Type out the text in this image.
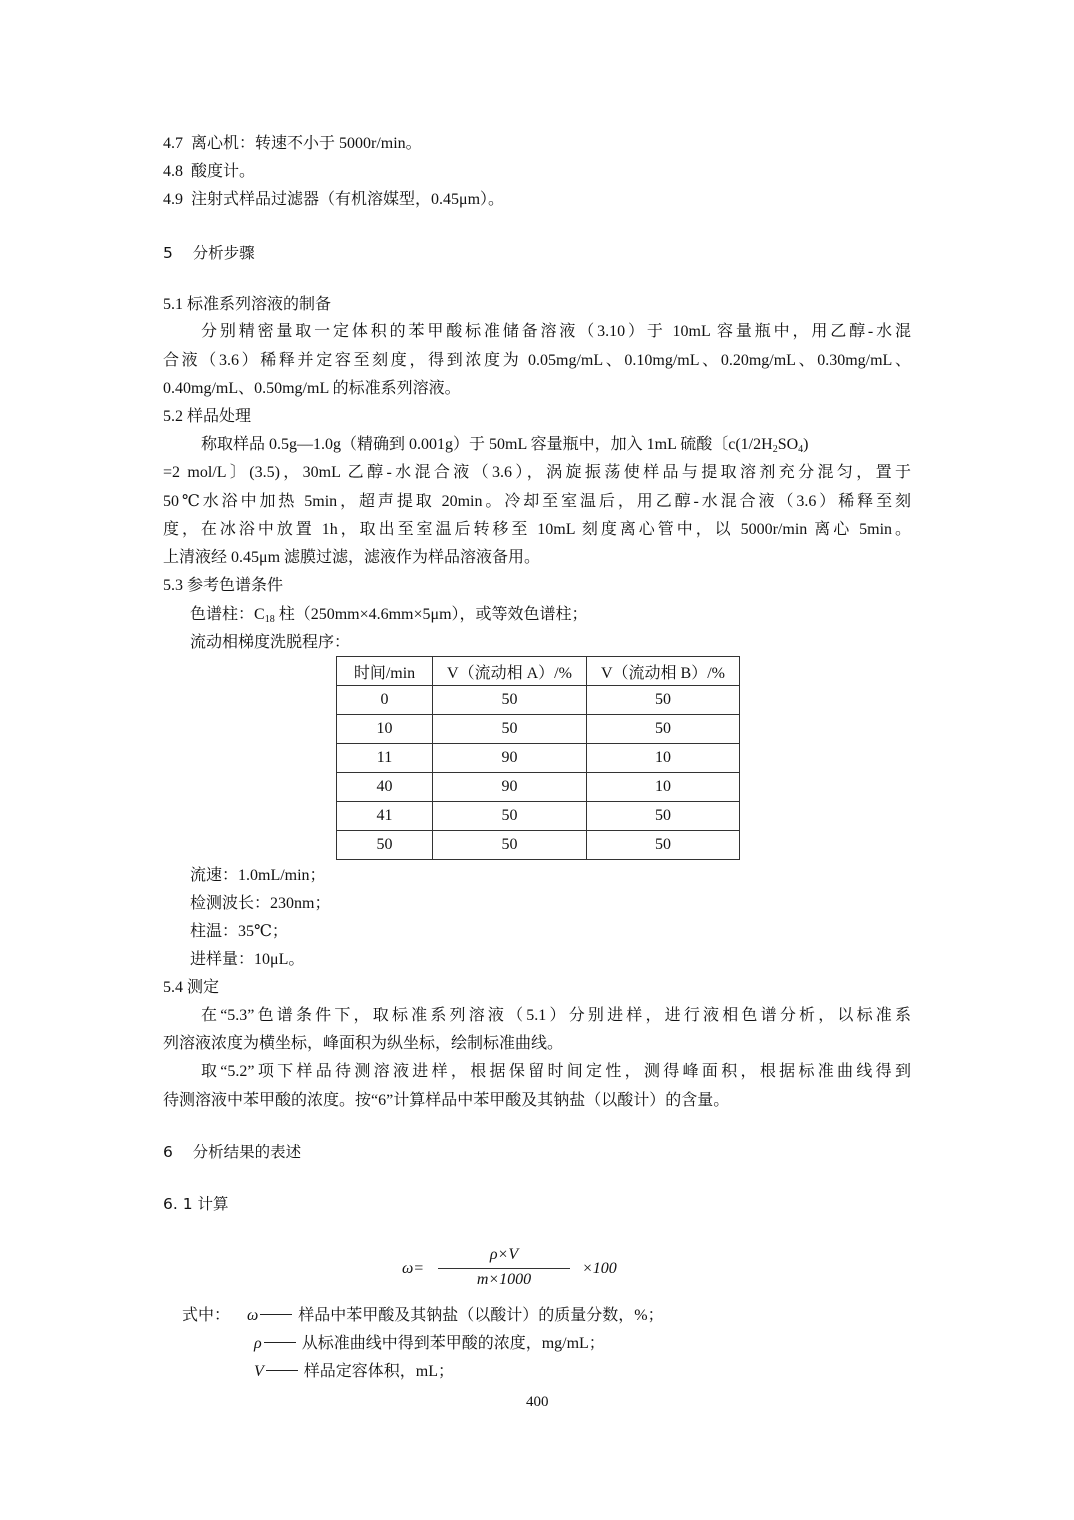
4.7 离心机：转速不小于 5000r/min。
4.8 酸度计。
4.9 注射式样品过滤器（有机溶媒型，0.45μm）。
5 分析步骤
5.1 标准系列溶液的制备
分别精密量取一定体积的苯甲酸标准储备溶液（3.10）于 10mL 容量瓶中，用乙醇-水混
合液（3.6）稀释并定容至刻度，得到浓度为 0.05mg/mL、0.10mg/mL、0.20mg/mL、0.30mg/mL、
0.40mg/mL、0.50mg/mL 的标准系列溶液。
5.2 样品处理
称取样品 0.5g—1.0g（精确到 0.001g）于 50mL 容量瓶中，加入 1mL 硫酸〔$c(1/2H_2SO_4)$
=2 mol/L〕(3.5)，30mL 乙醇-水混合液（3.6），涡旋振荡使样品与提取溶剂充分混匀，置于
50℃水浴中加热 5min，超声提取 20min。冷却至室温后，用乙醇-水混合液（3.6）稀释至刻
度，在冰浴中放置 1h，取出至室温后转移至 10mL 刻度离心管中，以 5000r/min 离心 5min。
上清液经 0.45μm 滤膜过滤，滤液作为样品溶液备用。
5.3 参考色谱条件
色谱柱：$C_{18}$ 柱（250mm×4.6mm×5μm），或等效色谱柱；
流动相梯度洗脱程序：
时间/min	V（流动相 A）/%	V（流动相 B）/%
0	50	50
10	50	50
11	90	10
40	90	10
41	50	50
50	50	50
流速：1.0mL/min；
检测波长：230nm；
柱温：35℃；
进样量：10μL。
5.4 测定
在“5.3”色谱条件下，取标准系列溶液（5.1）分别进样，进行液相色谱分析，以标准系
列溶液浓度为横坐标，峰面积为纵坐标，绘制标准曲线。
取“5.2”项下样品待测溶液进样，根据保留时间定性，测得峰面积，根据标准曲线得到
待测溶液中苯甲酸的浓度。按“6”计算样品中苯甲酸及其钠盐（以酸计）的含量。
6 分析结果的表述
6. 1 计算
$\omega= \frac{\rho\times V}{m\times 1000} \times 100$
式中： ω	样品中苯甲酸及其钠盐（以酸计）的质量分数，%；
ρ	从标准曲线中得到苯甲酸的浓度，mg/mL；
V	样品定容体积，mL；
400
